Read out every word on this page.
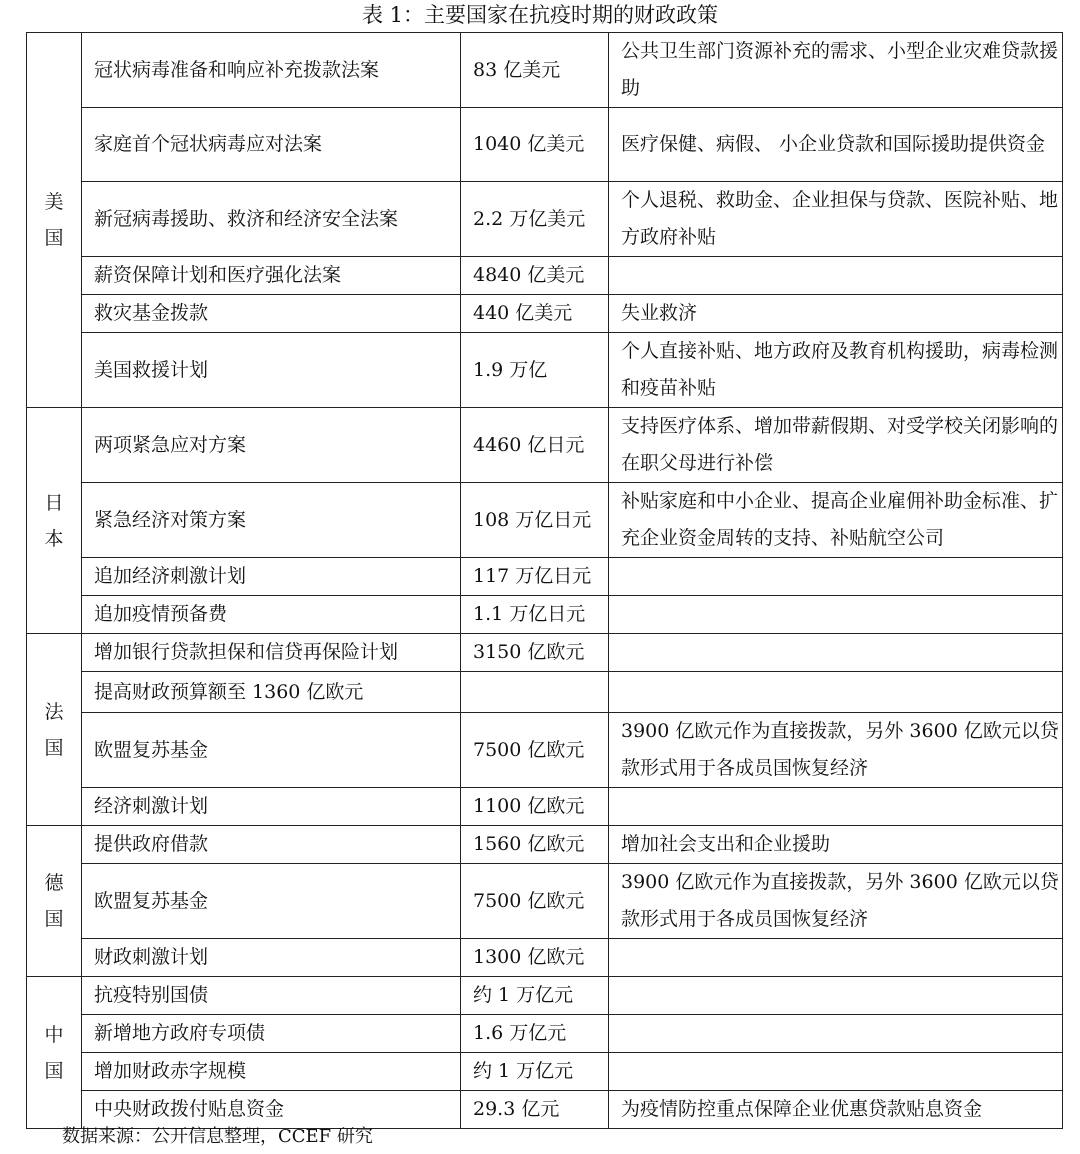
表 1：主要国家在抗疫时期的财政政策
美国	冠状病毒准备和响应补充拨款法案	83 亿美元	公共卫生部门资源补充的需求、小型企业灾难贷款援助
	家庭首个冠状病毒应对法案	1040 亿美元	医疗保健、病假、 小企业贷款和国际援助提供资金
	新冠病毒援助、救济和经济安全法案	2.2 万亿美元	个人退税、救助金、企业担保与贷款、医院补贴、地方政府补贴
	薪资保障计划和医疗强化法案	4840 亿美元	
	救灾基金拨款	440 亿美元	失业救济
	美国救援计划	1.9 万亿	个人直接补贴、地方政府及教育机构援助，病毒检测和疫苗补贴
日本	两项紧急应对方案	4460 亿日元	支持医疗体系、增加带薪假期、对受学校关闭影响的在职父母进行补偿
	紧急经济对策方案	108 万亿日元	补贴家庭和中小企业、提高企业雇佣补助金标准、扩充企业资金周转的支持、补贴航空公司
	追加经济刺激计划	117 万亿日元	
	追加疫情预备费	1.1 万亿日元	
法国	增加银行贷款担保和信贷再保险计划	3150 亿欧元	
	提高财政预算额至 1360 亿欧元		
	欧盟复苏基金	7500 亿欧元	3900 亿欧元作为直接拨款，另外 3600 亿欧元以贷款形式用于各成员国恢复经济
	经济刺激计划	1100 亿欧元	
德国	提供政府借款	1560 亿欧元	增加社会支出和企业援助
	欧盟复苏基金	7500 亿欧元	3900 亿欧元作为直接拨款，另外 3600 亿欧元以贷款形式用于各成员国恢复经济
	财政刺激计划	1300 亿欧元	
中国	抗疫特别国债	约 1 万亿元	
	新增地方政府专项债	1.6 万亿元	
	增加财政赤字规模	约 1 万亿元	
	中央财政拨付贴息资金	29.3 亿元	为疫情防控重点保障企业优惠贷款贴息资金
数据来源：公开信息整理，CCEF 研究
